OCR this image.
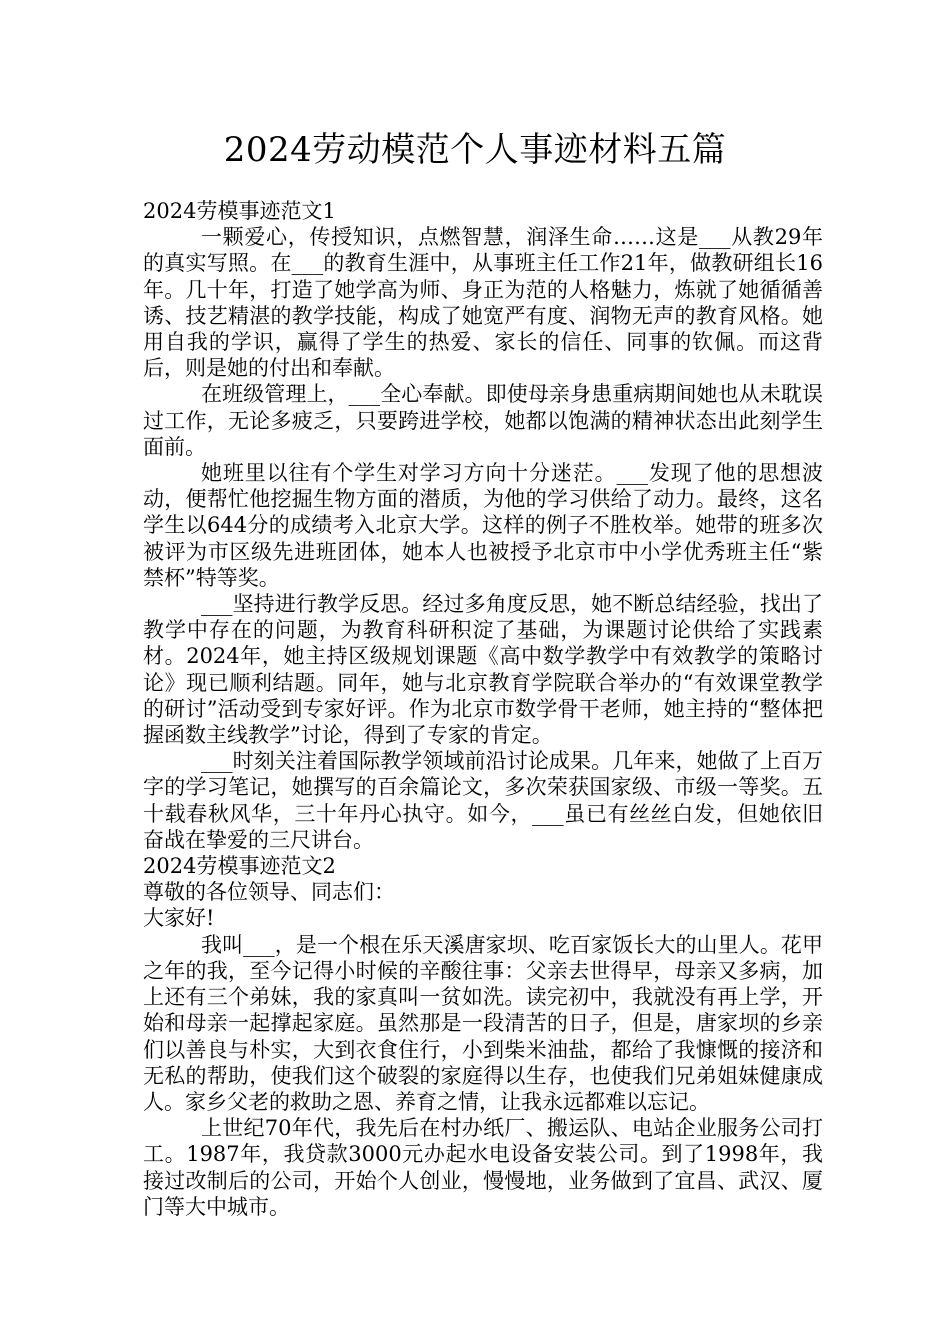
2024劳动模范个人事迹材料五篇

2024劳模事迹范文1

一颗爱心，传授知识，点燃智慧，润泽生命……这是___从教29年的真实写照。在___的教育生涯中，从事班主任工作21年，做教研组长16年。几十年，打造了她学高为师、身正为范的人格魅力，炼就了她循循善诱、技艺精湛的教学技能，构成了她宽严有度、润物无声的教育风格。她用自我的学识，赢得了学生的热爱、家长的信任、同事的钦佩。而这背后，则是她的付出和奉献。

在班级管理上，___全心奉献。即使母亲身患重病期间她也从未耽误过工作，无论多疲乏，只要跨进学校，她都以饱满的精神状态出此刻学生面前。

她班里以往有个学生对学习方向十分迷茫。___发现了他的思想波动，便帮忙他挖掘生物方面的潜质，为他的学习供给了动力。最终，这名学生以644分的成绩考入北京大学。这样的例子不胜枚举。她带的班多次被评为市区级先进班团体，她本人也被授予北京市中小学优秀班主任“紫禁杯”特等奖。

___坚持进行教学反思。经过多角度反思，她不断总结经验，找出了教学中存在的问题，为教育科研积淀了基础，为课题讨论供给了实践素材。2024年，她主持区级规划课题《高中数学教学中有效教学的策略讨论》现已顺利结题。同年，她与北京教育学院联合举办的“有效课堂教学的研讨”活动受到专家好评。作为北京市数学骨干老师，她主持的“整体把握函数主线教学”讨论，得到了专家的肯定。

___时刻关注着国际教学领域前沿讨论成果。几年来，她做了上百万字的学习笔记，她撰写的百余篇论文，多次荣获国家级、市级一等奖。五十载春秋风华，三十年丹心执守。如今，___虽已有丝丝白发，但她依旧奋战在挚爱的三尺讲台。

2024劳模事迹范文2

尊敬的各位领导、同志们：

大家好!

我叫___，是一个根在乐天溪唐家坝、吃百家饭长大的山里人。花甲之年的我，至今记得小时候的辛酸往事：父亲去世得早，母亲又多病，加上还有三个弟妹，我的家真叫一贫如洗。读完初中，我就没有再上学，开始和母亲一起撑起家庭。虽然那是一段清苦的日子，但是，唐家坝的乡亲们以善良与朴实，大到衣食住行，小到柴米油盐，都给了我慷慨的接济和无私的帮助，使我们这个破裂的家庭得以生存，也使我们兄弟姐妹健康成人。家乡父老的救助之恩、养育之情，让我永远都难以忘记。

上世纪70年代，我先后在村办纸厂、搬运队、电站企业服务公司打工。1987年，我贷款3000元办起水电设备安装公司。到了1998年，我接过改制后的公司，开始个人创业，慢慢地，业务做到了宜昌、武汉、厦门等大中城市。
